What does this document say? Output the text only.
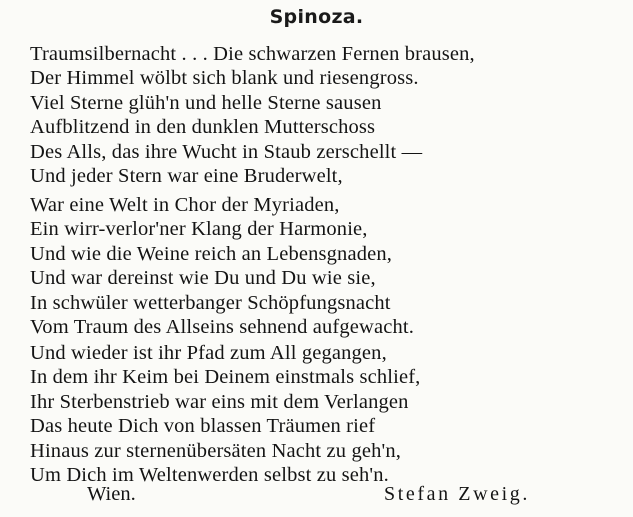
Spinoza.
Traumsilbernacht . . . Die schwarzen Fernen brausen,
Der Himmel wölbt sich blank und riesengross.
Viel Sterne glüh'n und helle Sterne sausen
Aufblitzend in den dunklen Mutterschoss
Des Alls, das ihre Wucht in Staub zerschellt —
Und jeder Stern war eine Bruderwelt,
War eine Welt in Chor der Myriaden,
Ein wirr-verlor'ner Klang der Harmonie,
Und wie die Weine reich an Lebensgnaden,
Und war dereinst wie Du und Du wie sie,
In schwüler wetterbanger Schöpfungsnacht
Vom Traum des Allseins sehnend aufgewacht.
Und wieder ist ihr Pfad zum All gegangen,
In dem ihr Keim bei Deinem einstmals schlief,
Ihr Sterbenstrieb war eins mit dem Verlangen
Das heute Dich von blassen Träumen rief
Hinaus zur sternenübersäten Nacht zu geh'n,
Um Dich im Weltenwerden selbst zu seh'n.
Wien.	Stefan Zweig.
